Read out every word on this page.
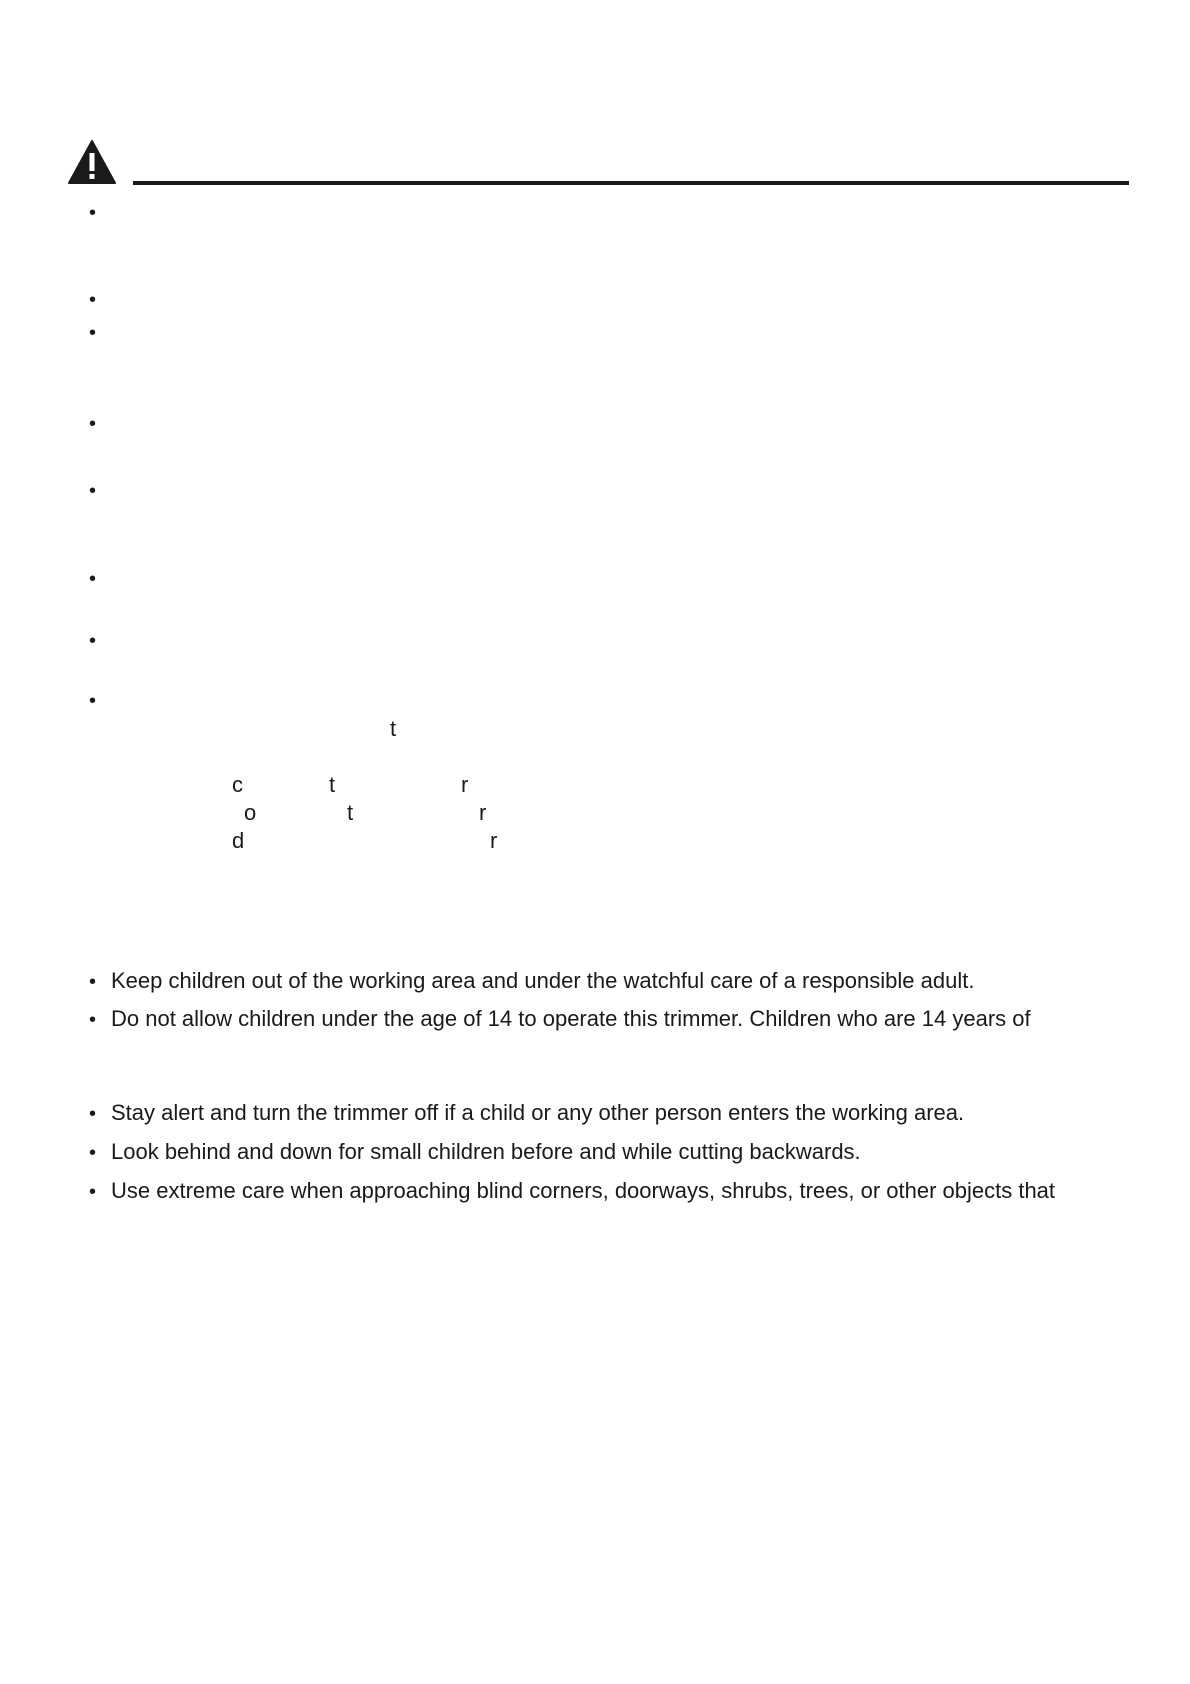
•
•
•
•
•
•
•
•
t
c	t	r
o	t	r
d	r
• Keep children out of the working area and under the watchful care of a responsible adult.
• Do not allow children under the age of 14 to operate this trimmer. Children who are 14 years of
• Stay alert and turn the trimmer off if a child or any other person enters the working area.
• Look behind and down for small children before and while cutting backwards.
• Use extreme care when approaching blind corners, doorways, shrubs, trees, or other objects that
